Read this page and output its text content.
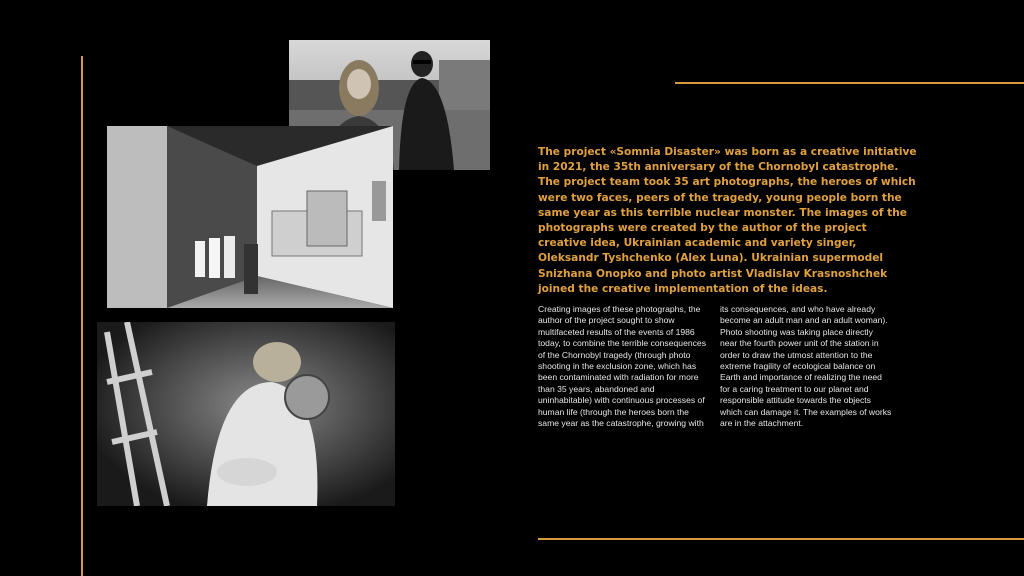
The project «Somnia Disaster» was born as a creative initiative in 2021, the 35th anniversary of the Chornobyl catastrophe. The project team took 35 art photographs, the heroes of which were two faces, peers of the tragedy, young people born the same year as this terrible nuclear monster. The images of the photographs were created by the author of the project creative idea, Ukrainian academic and variety singer, Oleksandr Tyshchenko (Alex Luna). Ukrainian supermodel Snizhana Onopko and photo artist Vladislav Krasnoshchek joined the creative implementation of the ideas.

Creating images of these photographs, the author of the project sought to show multifaceted results of the events of 1986 today, to combine the terrible consequences of the Chornobyl tragedy (through photo shooting in the exclusion zone, which has been contaminated with radiation for more than 35 years, abandoned and uninhabitable) with continuous processes of human life (through the heroes born the same year as the catastrophe, growing with

its consequences, and who have already become an adult man and an adult woman). Photo shooting was taking place directly near the fourth power unit of the station in order to draw the utmost attention to the extreme fragility of ecological balance on Earth and importance of realizing the need for a caring treatment to our planet and responsible attitude towards the objects which can damage it. The examples of works are in the attachment.
